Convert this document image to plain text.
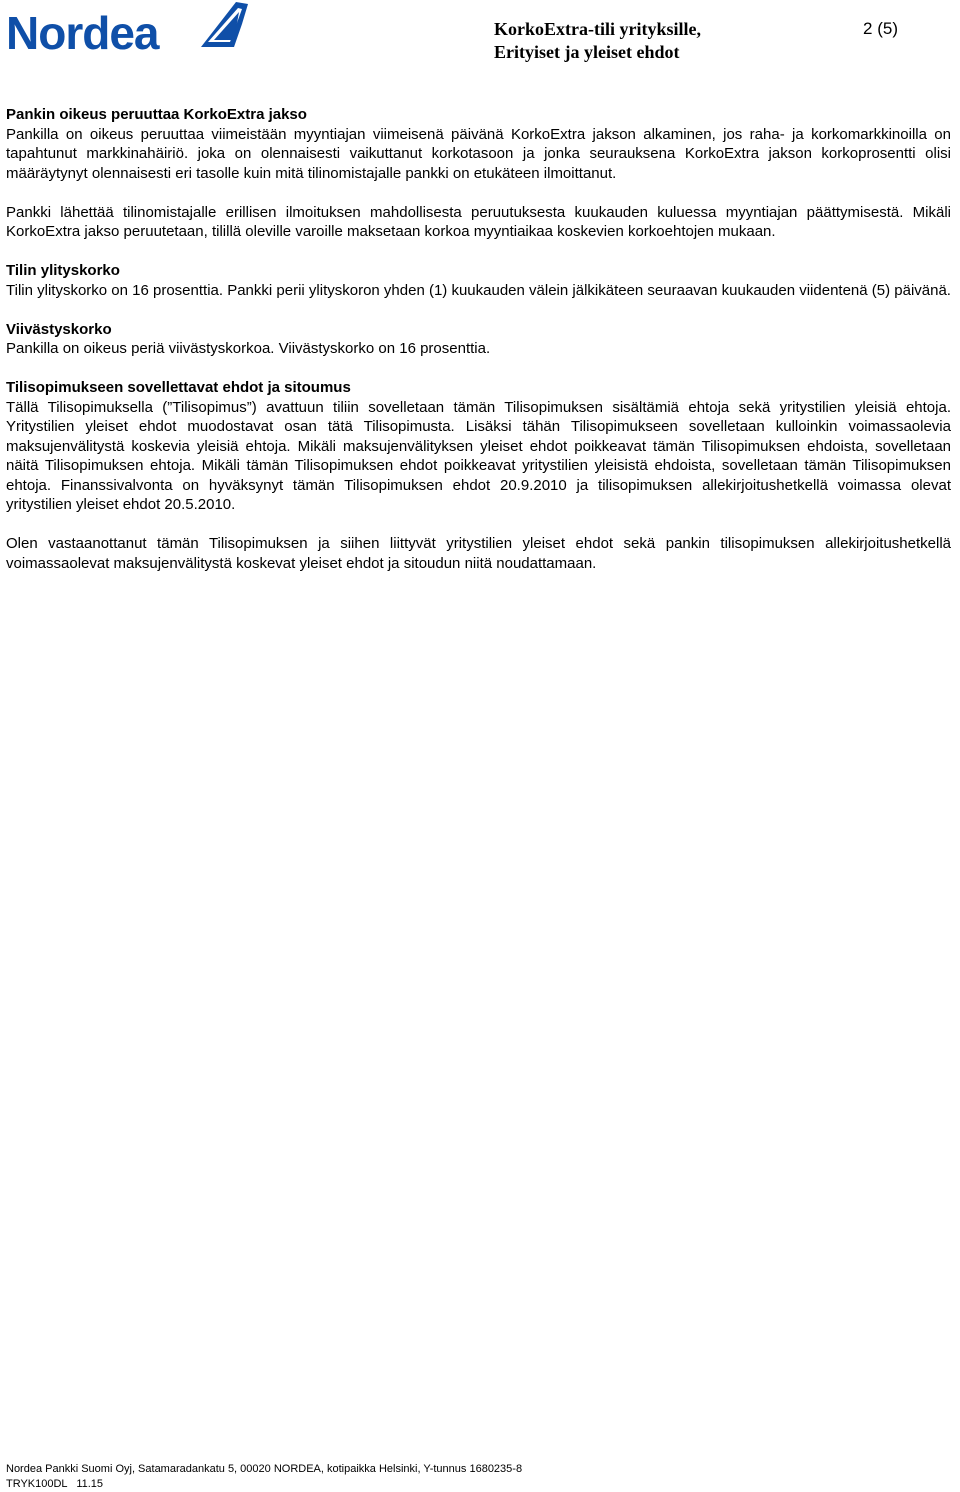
Nordea	KorkoExtra-tili yrityksille,
Erityiset ja yleiset ehdot
2 (5)
Pankin oikeus peruuttaa KorkoExtra jakso

Pankilla on oikeus peruuttaa viimeistään myyntiajan viimeisenä päivänä KorkoExtra jakson alkaminen, jos raha- ja korkomarkkinoilla on tapahtunut markkinahäiriö. joka on olennaisesti vaikuttanut korkotasoon ja jonka seurauksena KorkoExtra jakson korkoprosentti olisi määräytynyt olennaisesti eri tasolle kuin mitä tilinomistajalle pankki on etukäteen ilmoittanut.

Pankki lähettää tilinomistajalle erillisen ilmoituksen mahdollisesta peruutuksesta kuukauden kuluessa myyntiajan päättymisestä. Mikäli KorkoExtra jakso peruutetaan, tilillä oleville varoille maksetaan korkoa myyntiaikaa koskevien korkoehtojen mukaan.

Tilin ylityskorko

Tilin ylityskorko on 16 prosenttia. Pankki perii ylityskoron yhden (1) kuukauden välein jälkikäteen seuraavan kuukauden viidentenä (5) päivänä.

Viivästyskorko

Pankilla on oikeus periä viivästyskorkoa. Viivästyskorko on 16 prosenttia.

Tilisopimukseen sovellettavat ehdot ja sitoumus

Tällä Tilisopimuksella (”Tilisopimus”) avattuun tiliin sovelletaan tämän Tilisopimuksen sisältämiä ehtoja sekä yritystilien yleisiä ehtoja. Yritystilien yleiset ehdot muodostavat osan tätä Tilisopimusta. Lisäksi tähän Tilisopimukseen sovelletaan kulloinkin voimassaolevia maksujenvälitystä koskevia yleisiä ehtoja. Mikäli maksujenvälityksen yleiset ehdot poikkeavat tämän Tilisopimuksen ehdoista, sovelletaan näitä Tilisopimuksen ehtoja. Mikäli tämän Tilisopimuksen ehdot poikkeavat yritystilien yleisistä ehdoista, sovelletaan tämän Tilisopimuksen ehtoja. Finanssivalvonta on hyväksynyt tämän Tilisopimuksen ehdot 20.9.2010 ja tilisopimuksen allekirjoitushetkellä voimassa olevat yritystilien yleiset ehdot 20.5.2010.

Olen vastaanottanut tämän Tilisopimuksen ja siihen liittyvät yritystilien yleiset ehdot sekä pankin tilisopimuksen allekirjoitushetkellä voimassaolevat maksujenvälitystä koskevat yleiset ehdot ja sitoudun niitä noudattamaan.

Nordea Pankki Suomi Oyj, Satamaradankatu 5, 00020 NORDEA, kotipaikka Helsinki, Y-tunnus 1680235-8
TRYK100DL   11.15
